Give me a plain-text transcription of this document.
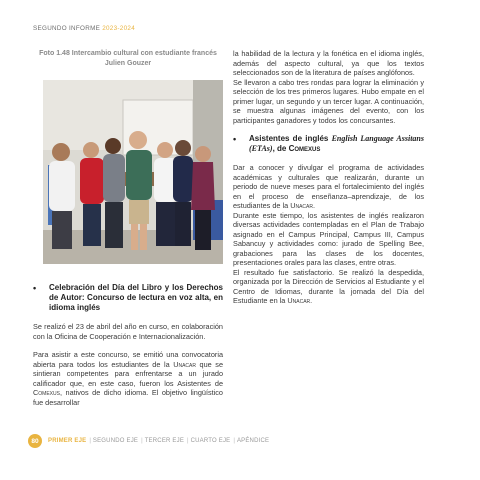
SEGUNDO INFORME 2023-2024
Foto 1.48 Intercambio cultural con estudiante francés Julien Gouzer
•	Celebración del Día del Libro y los Derechos de Autor: Concurso de lectura en voz alta, en idioma inglés

Se realizó el 23 de abril del año en curso, en colaboración con la Oficina de Cooperación e Internacionalización.

Para asistir a este concurso, se emitió una convocatoria abierta para todos los estudiantes de la Unacar que se sintieran competentes para enfrentarse a un jurado calificador que, en este caso, fueron los Asistentes de Comexus, nativos de dicho idioma. El objetivo lingüístico fue desarrollar

la habilidad de la lectura y la fonética en el idioma inglés, además del aspecto cultural, ya que los textos seleccionados son de la literatura de países anglófonos.

Se llevaron a cabo tres rondas para lograr la eliminación y selección de los tres primeros lugares. Hubo empate en el primer lugar, un segundo y un tercer lugar. A continuación, se muestra algunas imágenes del evento, con los participantes ganadores y todos los concursantes.

•	Asistentes de inglés English Language Assitans (ETAs), de Comexus

Dar a conocer y divulgar el programa de actividades académicas y culturales que realizarán, durante un periodo de nueve meses para el fortalecimiento del inglés en el proceso de enseñanza–aprendizaje, de los estudiantes de la Unacar.

Durante este tiempo, los asistentes de inglés realizaron diversas actividades contempladas en el Plan de Trabajo asignado en el Campus Principal, Campus III, Campus Sabancuy y actividades como: jurado de Spelling Bee, grabaciones para las clases de los docentes, presentaciones orales para las clases, entre otras.

El resultado fue satisfactorio. Se realizó la despedida, organizada por la Dirección de Servicios al Estudiante y el Centro de Idiomas, durante la jornada del Día del Estudiante en la Unacar.

80	PRIMER EJE | SEGUNDO EJE | TERCER EJE | CUARTO EJE | APÉNDICE
